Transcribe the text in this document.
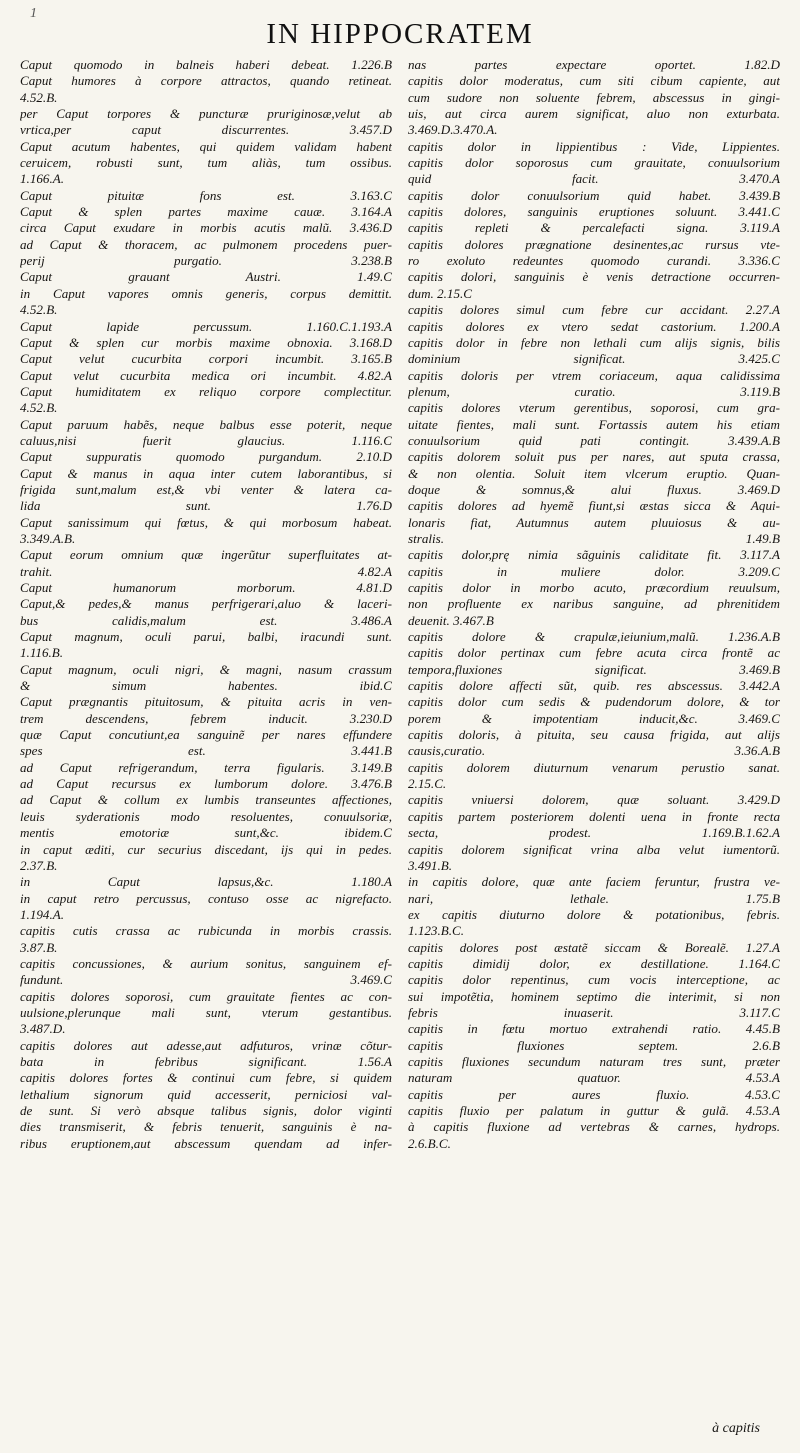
1
IN HIPPOCRATEM
Caput quomodo in balneis haberi debeat. 1.226.B
Caput humores à corpore attractos, quando retineat.
4.52.B.
per Caput torpores & puncturæ pruriginosæ,velut ab
vrtica,per caput discurrentes. 3.457.D
Caput acutum habentes, qui quidem validam habent
ceruicem, robusti sunt, tum aliàs, tum ossibus.
1.166.A.
Caput pituitæ fons est. 3.163.C
Caput & splen partes maxime cauæ. 3.164.A
circa Caput exudare in morbis acutis malũ. 3.436.D
ad Caput & thoracem, ac pulmonem procedens puer-
perij purgatio. 3.238.B
Caput grauant Austri. 1.49.C
in Caput vapores omnis generis, corpus demittit.
4.52.B.
Caput lapide percussum. 1.160.C.1.193.A
Caput & splen cur morbis maxime obnoxia. 3.168.D
Caput velut cucurbita corpori incumbit. 3.165.B
Caput velut cucurbita medica ori incumbit. 4.82.A
Caput humiditatem ex reliquo corpore complectitur.
4.52.B.
Caput paruum habẽs, neque balbus esse poterit, neque
caluus,nisi fuerit glaucius. 1.116.C
Caput suppuratis quomodo purgandum. 2.10.D
Caput & manus in aqua inter cutem laborantibus, si
frigida sunt,malum est,& vbi venter & latera ca-
lida sunt. 1.76.D
Caput sanissimum qui fœtus, & qui morbosum habeat.
3.349.A.B.
Caput eorum omnium quæ ingerũtur superfluitates at-
trahit. 4.82.A
Caput humanorum morborum. 4.81.D
Caput,& pedes,& manus perfrigerari,aluo & laceri-
bus calidis,malum est. 3.486.A
Caput magnum, oculi parui, balbi, iracundi sunt.
1.116.B.
Caput magnum, oculi nigri, & magni, nasum crassum
& simum habentes. ibid.C
Caput prægnantis pituitosum, & pituita acris in ven-
trem descendens, febrem inducit. 3.230.D
quæ Caput concutiunt,ea sanguinẽ per nares effundere
spes est. 3.441.B
ad Caput refrigerandum, terra figularis. 3.149.B
ad Caput recursus ex lumborum dolore. 3.476.B
ad Caput & collum ex lumbis transeuntes affectiones,
leuis syderationis modo resoluentes, conuulsoriæ,
mentis emotoriæ sunt,&c. ibidem.C
in caput æditi, cur securius discedant, ijs qui in pedes.
2.37.B.
in Caput lapsus,&c. 1.180.A
in caput retro percussus, contuso osse ac nigrefacto.
1.194.A.
capitis cutis crassa ac rubicunda in morbis crassis.
3.87.B.
capitis concussiones, & aurium sonitus, sanguinem ef-
fundunt. 3.469.C
capitis dolores soporosi, cum grauitate fientes ac con-
uulsione,plerunque mali sunt, vterum gestantibus.
3.487.D.
capitis dolores aut adesse,aut adfuturos, vrinæ cõtur-
bata in febribus significant. 1.56.A
capitis dolores fortes & continui cum febre, si quidem
lethalium signorum quid accesserit, perniciosi val-
de sunt. Si verò absque talibus signis, dolor viginti
dies transmiserit, & febris tenuerit, sanguinis è na-
ribus eruptionem,aut abscessum quendam ad infer-
nas partes expectare oportet. 1.82.D
capitis dolor moderatus, cum siti cibum capiente, aut
cum sudore non soluente febrem, abscessus in gingi-
uis, aut circa aurem significat, aluo non exturbata.
3.469.D.3.470.A.
capitis dolor in lippientibus : Vide, Lippientes.
capitis dolor soporosus cum grauitate, conuulsorium
quid facit. 3.470.A
capitis dolor conuulsorium quid habet. 3.439.B
capitis dolores, sanguinis eruptiones soluunt. 3.441.C
capitis repleti & percalefacti signa. 3.119.A
capitis dolores prægnatione desinentes,ac rursus vte-
ro exoluto redeuntes quomodo curandi. 3.336.C
capitis dolori, sanguinis è venis detractione occurren-
dum. 2.15.C
capitis dolores simul cum febre cur accidant. 2.27.A
capitis dolores ex vtero sedat castorium. 1.200.A
capitis dolor in febre non lethali cum alijs signis, bilis
dominium significat. 3.425.C
capitis doloris per vtrem coriaceum, aqua calidissima
plenum, curatio. 3.119.B
capitis dolores vterum gerentibus, soporosi, cum gra-
uitate fientes, mali sunt. Fortassis autem his etiam
conuulsorium quid pati contingit. 3.439.A.B
capitis dolorem soluit pus per nares, aut sputa crassa,
& non olentia. Soluit item vlcerum eruptio. Quan-
doque & somnus,& alui fluxus. 3.469.D
capitis dolores ad hyemẽ fiunt,si æstas sicca & Aqui-
lonaris fiat, Autumnus autem pluuiosus & au-
stralis. 1.49.B
capitis dolor,prę nimia sãguinis caliditate fit. 3.117.A
capitis in muliere dolor. 3.209.C
capitis dolor in morbo acuto, præcordium reuulsum,
non profluente ex naribus sanguine, ad phrenitidem
deuenit. 3.467.B
capitis dolore & crapulæ,ieiunium,malũ. 1.236.A.B
capitis dolor pertinax cum febre acuta circa frontẽ ac
tempora,fluxiones significat. 3.469.B
capitis dolore affecti sũt, quib. res abscessus. 3.442.A
capitis dolor cum sedis & pudendorum dolore, & tor
porem & impotentiam inducit,&c. 3.469.C
capitis doloris, à pituita, seu causa frigida, aut alijs
causis,curatio. 3.36.A.B
capitis dolorem diuturnum venarum perustio sanat.
2.15.C.
capitis vniuersi dolorem, quæ soluant. 3.429.D
capitis partem posteriorem dolenti uena in fronte recta
secta, prodest. 1.169.B.1.62.A
capitis dolorem significat vrina alba velut iumentorũ.
3.491.B.
in capitis dolore, quæ ante faciem feruntur, frustra ve-
nari, lethale. 1.75.B
ex capitis diuturno dolore & potationibus, febris.
1.123.B.C.
capitis dolores post æstatẽ siccam & Borealẽ. 1.27.A
capitis dimidij dolor, ex destillatione. 1.164.C
capitis dolor repentinus, cum vocis interceptione, ac
sui impotẽtia, hominem septimo die interimit, si non
febris inuaserit. 3.117.C
capitis in fœtu mortuo extrahendi ratio. 4.45.B
capitis fluxiones septem. 2.6.B
capitis fluxiones secundum naturam tres sunt, præter
naturam quatuor. 4.53.A
capitis per aures fluxio. 4.53.C
capitis fluxio per palatum in guttur & gulã. 4.53.A
à capitis fluxione ad vertebras & carnes, hydrops.
2.6.B.C.
à capitis
